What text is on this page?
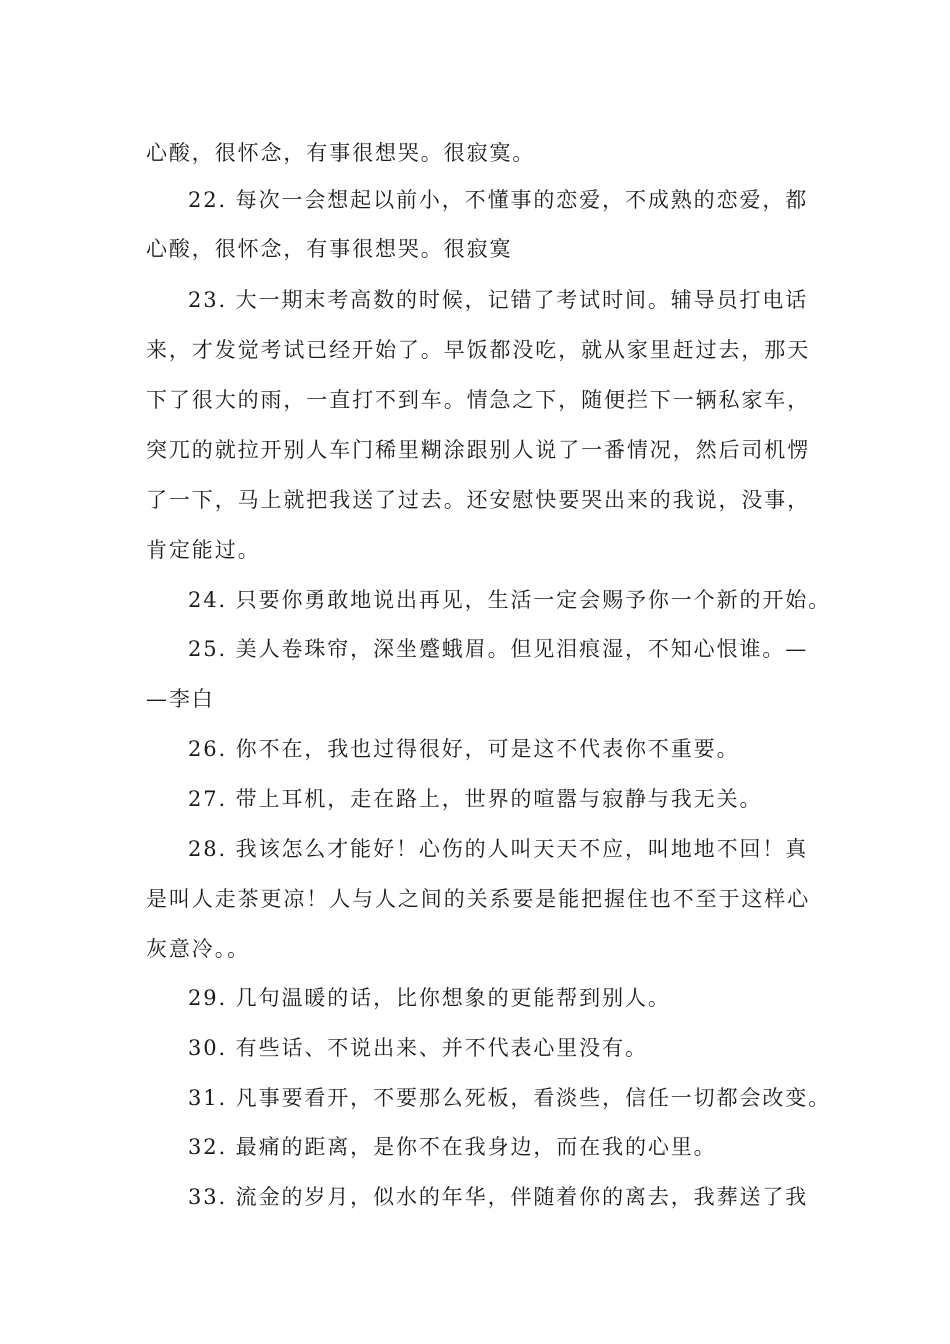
心酸，很怀念，有事很想哭。很寂寞。

22. 每次一会想起以前小，不懂事的恋爱，不成熟的恋爱，都

心酸，很怀念，有事很想哭。很寂寞

23. 大一期末考高数的时候，记错了考试时间。辅导员打电话

来，才发觉考试已经开始了。早饭都没吃，就从家里赶过去，那天

下了很大的雨，一直打不到车。情急之下，随便拦下一辆私家车，

突兀的就拉开别人车门稀里糊涂跟别人说了一番情况，然后司机愣

了一下，马上就把我送了过去。还安慰快要哭出来的我说，没事，

肯定能过。

24. 只要你勇敢地说出再见，生活一定会赐予你一个新的开始。

25. 美人卷珠帘，深坐蹙蛾眉。但见泪痕湿，不知心恨谁。—

—李白

26. 你不在，我也过得很好，可是这不代表你不重要。

27. 带上耳机，走在路上，世界的喧嚣与寂静与我无关。

28. 我该怎么才能好！心伤的人叫天天不应，叫地地不回！真

是叫人走茶更凉！人与人之间的关系要是能把握住也不至于这样心

灰意冷。。

29. 几句温暖的话，比你想象的更能帮到别人。

30. 有些话、不说出来、并不代表心里没有。

31. 凡事要看开，不要那么死板，看淡些，信任一切都会改变。

32. 最痛的距离，是你不在我身边，而在我的心里。

33. 流金的岁月，似水的年华，伴随着你的离去，我葬送了我
